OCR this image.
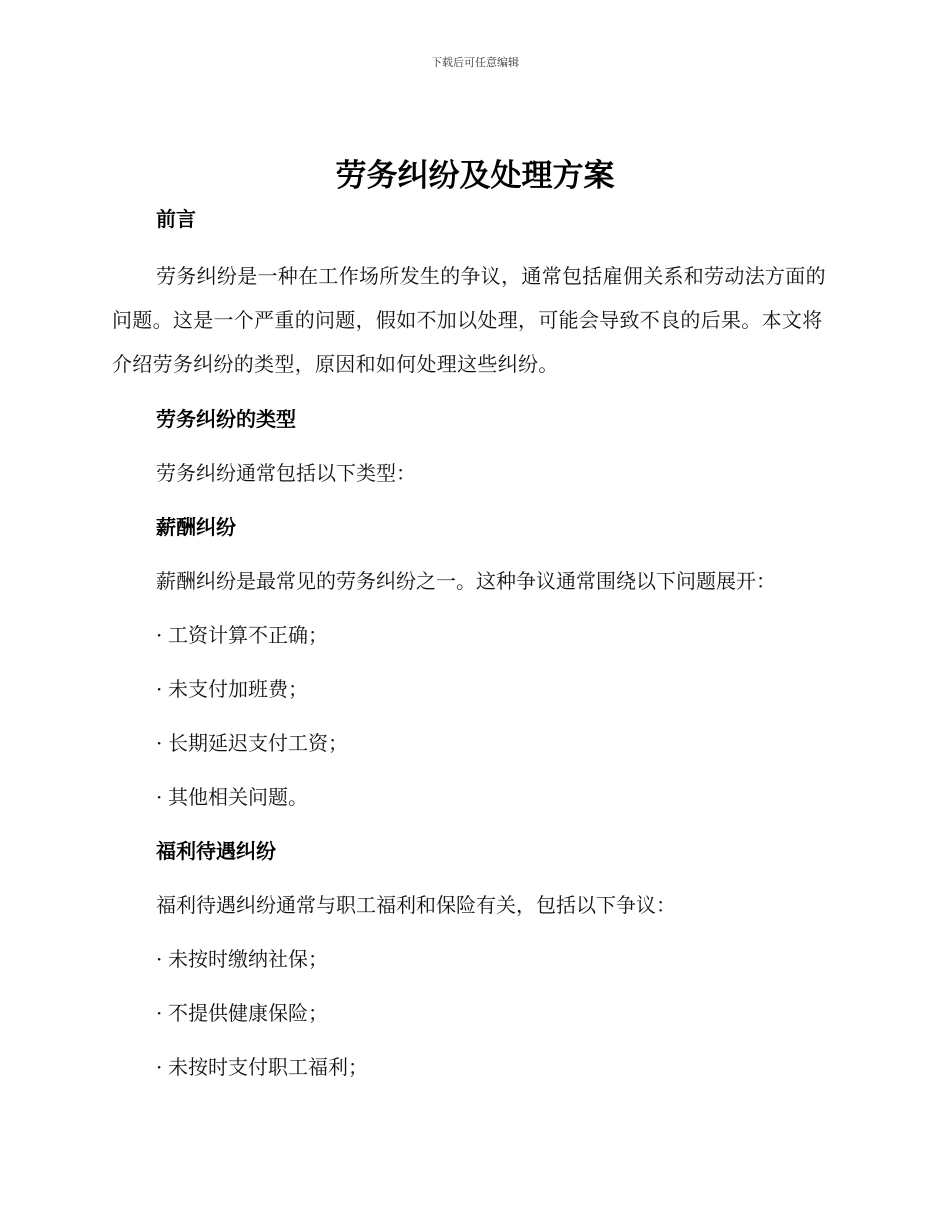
下载后可任意编辑
劳务纠纷及处理方案
前言

劳务纠纷是一种在工作场所发生的争议，通常包括雇佣关系和劳动法方面的问题。这是一个严重的问题，假如不加以处理，可能会导致不良的后果。本文将介绍劳务纠纷的类型，原因和如何处理这些纠纷。

劳务纠纷的类型

劳务纠纷通常包括以下类型：

薪酬纠纷

薪酬纠纷是最常见的劳务纠纷之一。这种争议通常围绕以下问题展开：

· 工资计算不正确；
· 未支付加班费；
· 长期延迟支付工资；
· 其他相关问题。
福利待遇纠纷

福利待遇纠纷通常与职工福利和保险有关，包括以下争议：

· 未按时缴纳社保；
· 不提供健康保险；
· 未按时支付职工福利；
